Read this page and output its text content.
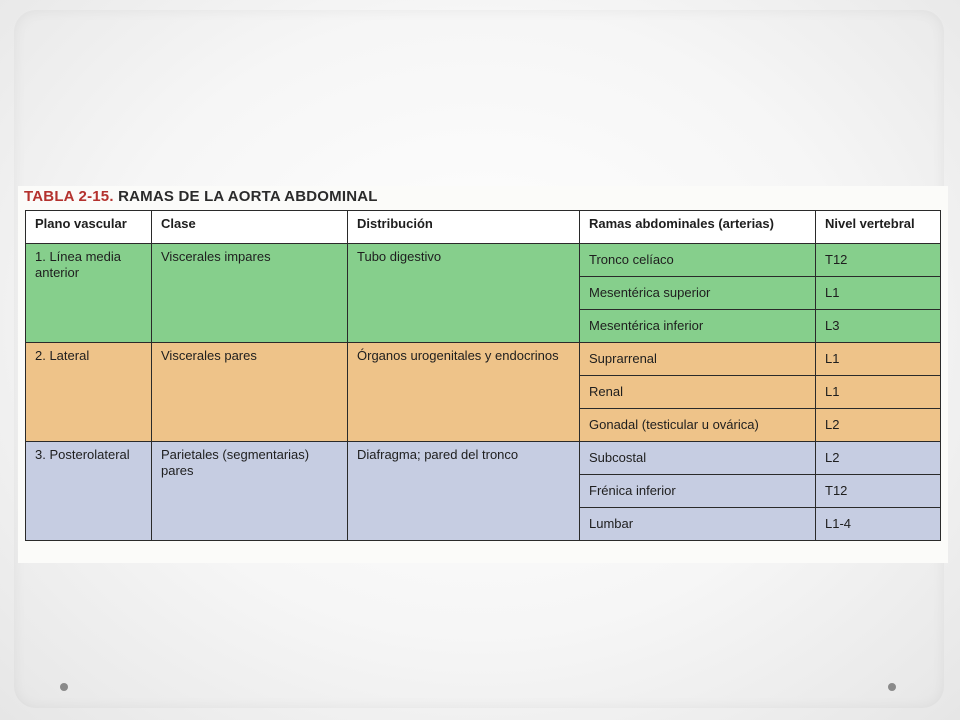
TABLA 2-15. RAMAS DE LA AORTA ABDOMINAL
Plano vascular	Clase	Distribución	Ramas abdominales (arterias)	Nivel vertebral
1. Línea media anterior	Viscerales impares	Tubo digestivo	Tronco celíaco	T12
			Mesentérica superior	L1
			Mesentérica inferior	L3
2. Lateral	Viscerales pares	Órganos urogenitales y endocrinos	Suprarrenal	L1
			Renal	L1
			Gonadal (testicular u ovárica)	L2
3. Posterolateral	Parietales (segmentarias) pares	Diafragma; pared del tronco	Subcostal	L2
			Frénica inferior	T12
			Lumbar	L1-4
